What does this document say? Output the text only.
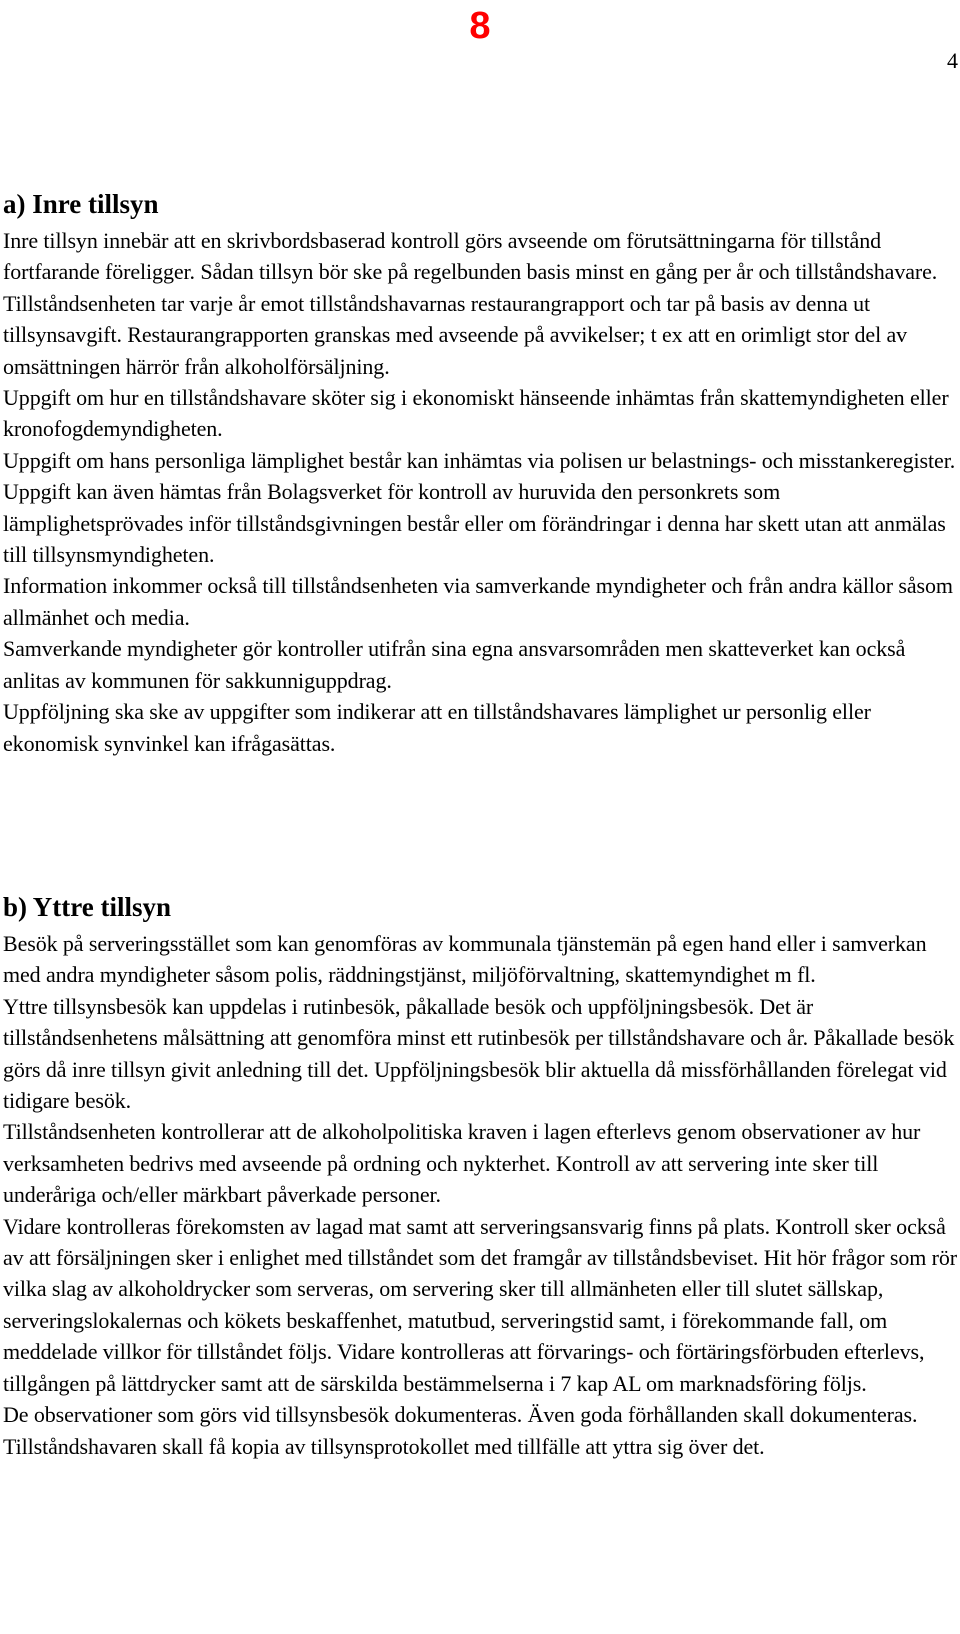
8
4
a) Inre tillsyn

Inre tillsyn innebär att en skrivbordsbaserad kontroll görs avseende om förutsättningarna för tillstånd fortfarande föreligger. Sådan tillsyn bör ske på regelbunden basis minst en gång per år och tillståndshavare.

Tillståndsenheten tar varje år emot tillståndshavarnas restaurangrapport och tar på basis av denna ut tillsynsavgift. Restaurangrapporten granskas med avseende på avvikelser; t ex att en orimligt stor del av omsättningen härrör från alkoholförsäljning.

Uppgift om hur en tillståndshavare sköter sig i ekonomiskt hänseende inhämtas från skattemyndigheten eller kronofogdemyndigheten.

Uppgift om hans personliga lämplighet består kan inhämtas via polisen ur belastnings- och misstankeregister.

Uppgift kan även hämtas från Bolagsverket för kontroll av huruvida den personkrets som lämplighetsprövades inför tillståndsgivningen består eller om förändringar i denna har skett utan att anmälas till tillsynsmyndigheten.

Information inkommer också till tillståndsenheten via samverkande myndigheter och från andra källor såsom allmänhet och media.

Samverkande myndigheter gör kontroller utifrån sina egna ansvarsområden men skatteverket kan också anlitas av kommunen för sakkunniguppdrag.

Uppföljning ska ske av uppgifter som indikerar att en tillståndshavares lämplighet ur personlig eller ekonomisk synvinkel kan ifrågasättas.

b) Yttre tillsyn

Besök på serveringsstället som kan genomföras av kommunala tjänstemän på egen hand eller i samverkan med andra myndigheter såsom polis, räddningstjänst, miljöförvaltning, skattemyndighet m fl.

Yttre tillsynsbesök kan uppdelas i rutinbesök, påkallade besök och uppföljningsbesök. Det är tillståndsenhetens målsättning att genomföra minst ett rutinbesök per tillståndshavare och år. Påkallade besök görs då inre tillsyn givit anledning till det. Uppföljningsbesök blir aktuella då missförhållanden förelegat vid tidigare besök.

Tillståndsenheten kontrollerar att de alkoholpolitiska kraven i lagen efterlevs genom observationer av hur verksamheten bedrivs med avseende på ordning och nykterhet. Kontroll av att servering inte sker till underåriga och/eller märkbart påverkade personer.

Vidare kontrolleras förekomsten av lagad mat samt att serveringsansvarig finns på plats. Kontroll sker också av att försäljningen sker i enlighet med tillståndet som det framgår av tillståndsbeviset. Hit hör frågor som rör vilka slag av alkoholdrycker som serveras, om servering sker till allmänheten eller till slutet sällskap, serveringslokalernas och kökets beskaffenhet, matutbud, serveringstid samt, i förekommande fall, om meddelade villkor för tillståndet följs. Vidare kontrolleras att förvarings- och förtäringsförbuden efterlevs, tillgången på lättdrycker samt att de särskilda bestämmelserna i 7 kap AL om marknadsföring följs.

De observationer som görs vid tillsynsbesök dokumenteras. Även goda förhållanden skall dokumenteras. Tillståndshavaren skall få kopia av tillsynsprotokollet med tillfälle att yttra sig över det.
